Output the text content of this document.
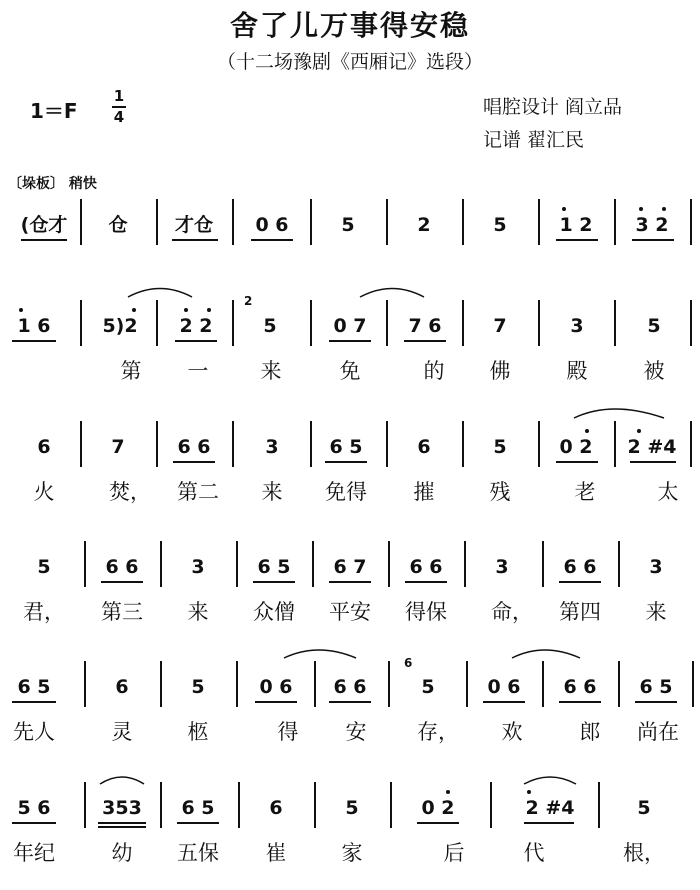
舍了儿万事得安稳
（十二场豫剧《西厢记》选段）
1＝F
1
4	唱腔设计 阎立品
记谱 翟汇民
〔垛板〕 稍快
(仓才 仓 才仓 0 6	5	2	5	1 2 3 2
1 6	5)2 2 2	5	0 7 7 6	7	3	5
2
第 一 来	免	的 佛	殿	被
6	7	6 6	3	6 5	6	5	0 2 2 #4
火	焚， 第二 来 免得 摧	残	老	太
5	6 6	3	6 5 6 7 6 6	3	6 6	3
君， 第三 来 众僧 平安 得保 命， 第四 来
6 5	6	5	0 6 6 6	5	0 6 6 6 6 5
6
先人	灵	柩	得 安 存， 欢	郎 尚在
5 6	353 6 5	6	5	0 2	2 #4	5
年纪	幼 五保 崔	家	后	代	根，
